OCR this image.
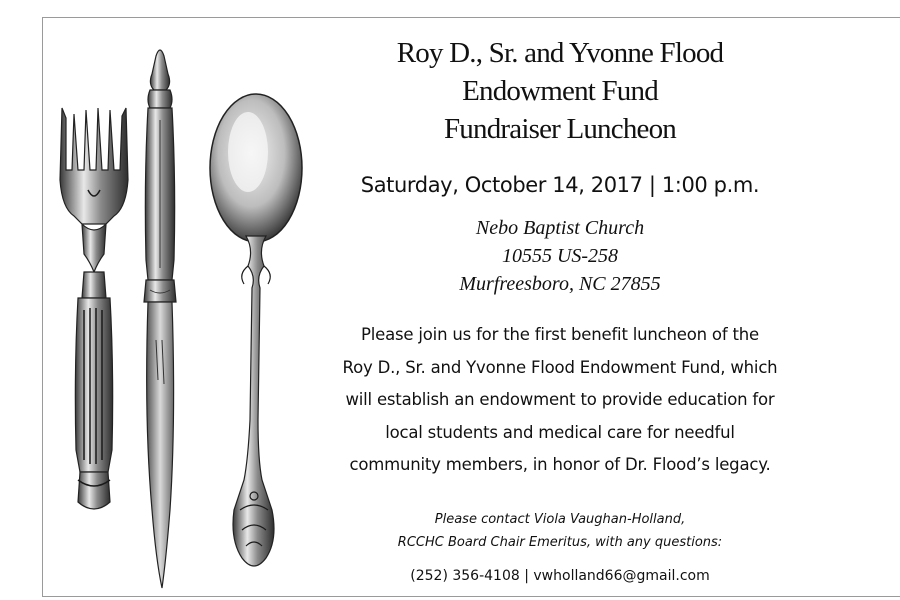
Roy D., Sr. and Yvonne Flood
Endowment Fund
Fundraiser Luncheon
Saturday, October 14, 2017 | 1:00 p.m.
Nebo Baptist Church
10555 US-258
Murfreesboro, NC 27855
Please join us for the first benefit luncheon of the
Roy D., Sr. and Yvonne Flood Endowment Fund, which
will establish an endowment to provide education for
local students and medical care for needful
community members, in honor of Dr. Flood’s legacy.
Please contact Viola Vaughan-Holland,
RCCHC Board Chair Emeritus, with any questions:
(252) 356-4108 | vwholland66@gmail.com
